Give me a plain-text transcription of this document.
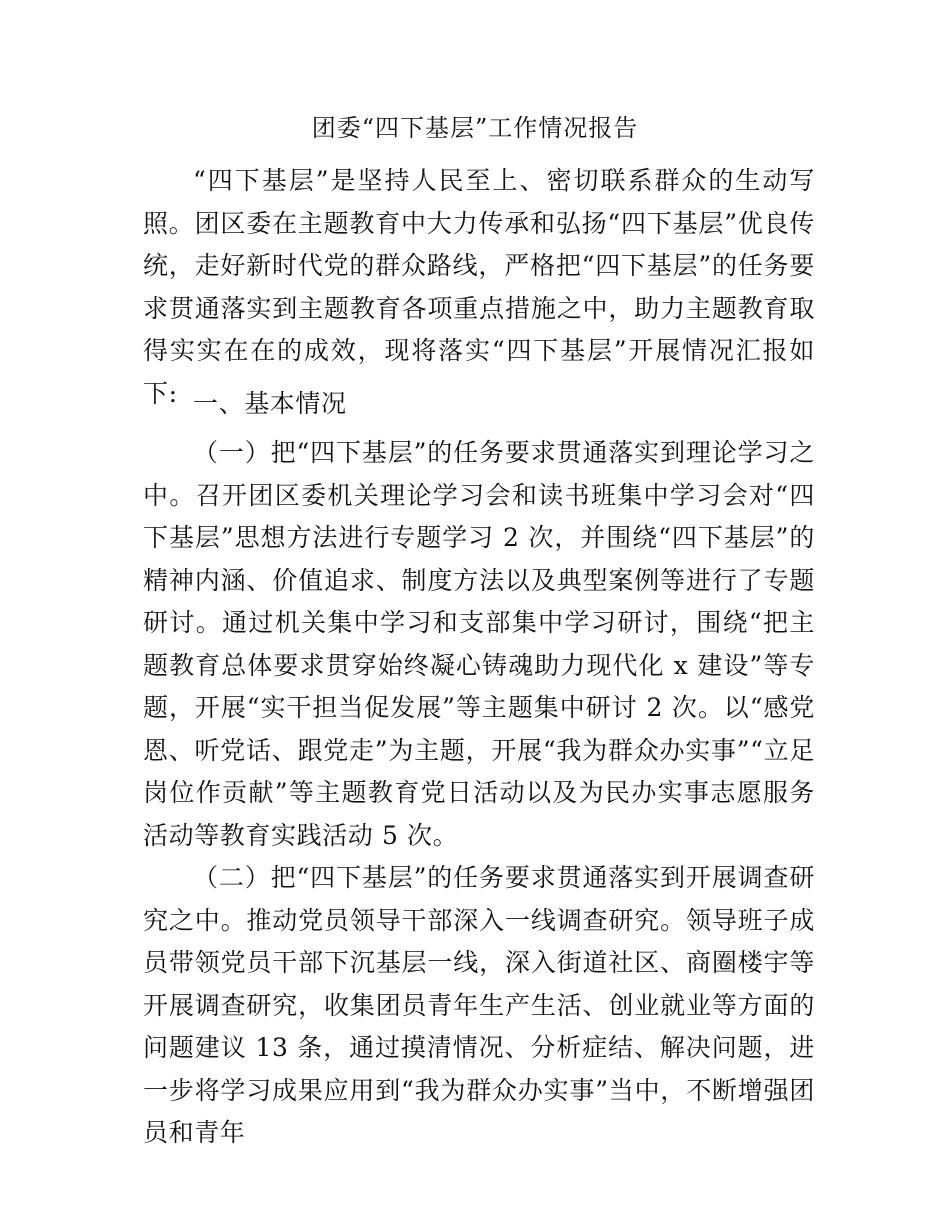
团委“四下基层”工作情况报告

“四下基层”是坚持人民至上、密切联系群众的生动写照。团区委在主题教育中大力传承和弘扬“四下基层”优良传统，走好新时代党的群众路线，严格把“四下基层”的任务要求贯通落实到主题教育各项重点措施之中，助力主题教育取得实实在在的成效，现将落实“四下基层”开展情况汇报如下: 一、基本情况

（一）把“四下基层”的任务要求贯通落实到理论学习之中。召开团区委机关理论学习会和读书班集中学习会对“四下基层”思想方法进行专题学习 2 次，并围绕“四下基层”的精神内涵、价值追求、制度方法以及典型案例等进行了专题研讨。通过机关集中学习和支部集中学习研讨，围绕“把主题教育总体要求贯穿始终凝心铸魂助力现代化 x 建设”等专题，开展“实干担当促发展”等主题集中研讨 2 次。以“感党恩、听党话、跟党走”为主题，开展“我为群众办实事”“立足岗位作贡献”等主题教育党日活动以及为民办实事志愿服务活动等教育实践活动 5 次。

（二）把“四下基层”的任务要求贯通落实到开展调查研究之中。推动党员领导干部深入一线调查研究。领导班子成员带领党员干部下沉基层一线，深入街道社区、商圈楼宇等开展调查研究，收集团员青年生产生活、创业就业等方面的问题建议 13 条，通过摸清情况、分析症结、解决问题，进一步将学习成果应用到“我为群众办实事”当中，不断增强团员和青年
